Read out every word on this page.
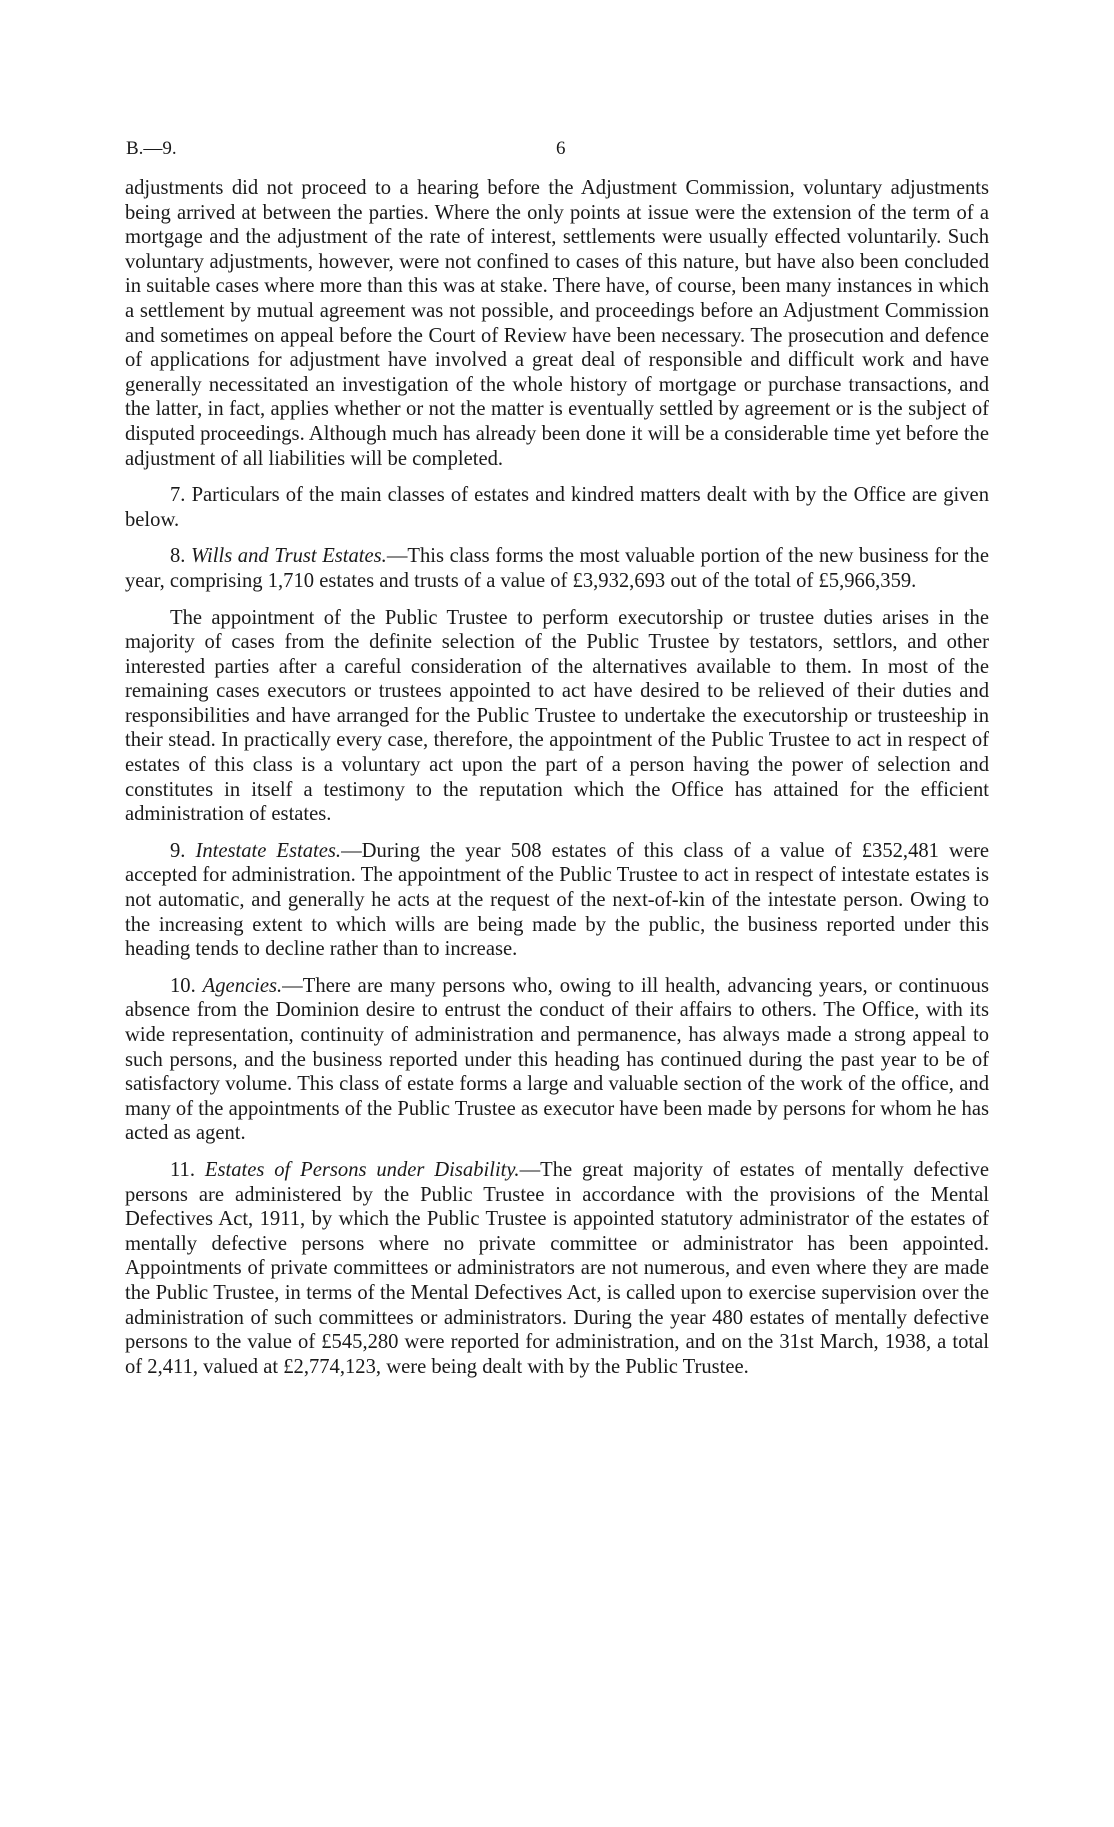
B.—9.	6

adjustments did not proceed to a hearing before the Adjustment Commission, voluntary adjustments being arrived at between the parties. Where the only points at issue were the extension of the term of a mortgage and the adjustment of the rate of interest, settlements were usually effected voluntarily. Such voluntary adjustments, however, were not confined to cases of this nature, but have also been concluded in suitable cases where more than this was at stake. There have, of course, been many instances in which a settlement by mutual agreement was not possible, and proceedings before an Adjustment Commission and sometimes on appeal before the Court of Review have been necessary. The prosecution and defence of applications for adjustment have involved a great deal of responsible and difficult work and have generally necessitated an investigation of the whole history of mortgage or purchase transactions, and the latter, in fact, applies whether or not the matter is eventually settled by agreement or is the subject of disputed proceedings. Although much has already been done it will be a considerable time yet before the adjustment of all liabilities will be completed.

7. Particulars of the main classes of estates and kindred matters dealt with by the Office are given below.

8. Wills and Trust Estates.—This class forms the most valuable portion of the new business for the year, comprising 1,710 estates and trusts of a value of £3,932,693 out of the total of £5,966,359.

The appointment of the Public Trustee to perform executorship or trustee duties arises in the majority of cases from the definite selection of the Public Trustee by testators, settlors, and other interested parties after a careful consideration of the alternatives available to them. In most of the remaining cases executors or trustees appointed to act have desired to be relieved of their duties and responsibilities and have arranged for the Public Trustee to undertake the executorship or trusteeship in their stead. In practically every case, therefore, the appointment of the Public Trustee to act in respect of estates of this class is a voluntary act upon the part of a person having the power of selection and constitutes in itself a testimony to the reputation which the Office has attained for the efficient administration of estates.

9. Intestate Estates.—During the year 508 estates of this class of a value of £352,481 were accepted for administration. The appointment of the Public Trustee to act in respect of intestate estates is not automatic, and generally he acts at the request of the next-of-kin of the intestate person. Owing to the increasing extent to which wills are being made by the public, the business reported under this heading tends to decline rather than to increase.

10. Agencies.—There are many persons who, owing to ill health, advancing years, or continuous absence from the Dominion desire to entrust the conduct of their affairs to others. The Office, with its wide representation, continuity of administration and permanence, has always made a strong appeal to such persons, and the business reported under this heading has continued during the past year to be of satisfactory volume. This class of estate forms a large and valuable section of the work of the office, and many of the appointments of the Public Trustee as executor have been made by persons for whom he has acted as agent.

11. Estates of Persons under Disability.—The great majority of estates of mentally defective persons are administered by the Public Trustee in accordance with the provisions of the Mental Defectives Act, 1911, by which the Public Trustee is appointed statutory administrator of the estates of mentally defective persons where no private committee or administrator has been appointed. Appointments of private committees or administrators are not numerous, and even where they are made the Public Trustee, in terms of the Mental Defectives Act, is called upon to exercise supervision over the administration of such committees or administrators. During the year 480 estates of mentally defective persons to the value of £545,280 were reported for administration, and on the 31st March, 1938, a total of 2,411, valued at £2,774,123, were being dealt with by the Public Trustee.
